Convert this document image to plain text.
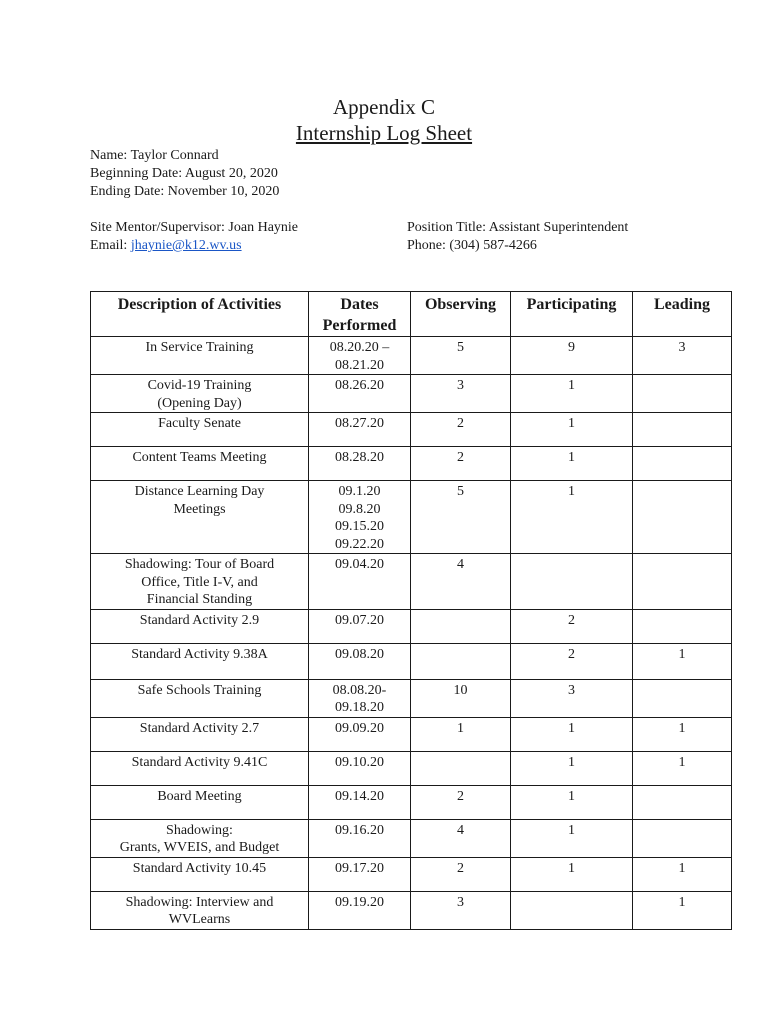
Appendix C
Internship Log Sheet
Name: Taylor Connard
Beginning Date: August 20, 2020
Ending Date: November 10, 2020
Site Mentor/Supervisor: Joan Haynie
Email: jhaynie@k12.wv.us
Position Title: Assistant Superintendent
Phone: (304) 587-4266
Description of Activities	Dates Performed	Observing	Participating	Leading

In Service Training	08.20.20 –
08.21.20	5	9	3

Covid-19 Training
(Opening Day)	08.26.20	3	1	

Faculty Senate	08.27.20	2	1	

Content Teams Meeting	08.28.20	2	1	

Distance Learning Day
Meetings	09.1.20
09.8.20
09.15.20
09.22.20	5	1	

Shadowing: Tour of Board
Office, Title I-V, and
Financial Standing	09.04.20	4		

Standard Activity 2.9	09.07.20		2	

Standard Activity 9.38A	09.08.20		2	1

Safe Schools Training	08.08.20-
09.18.20	10	3	

Standard Activity 2.7	09.09.20	1	1	1

Standard Activity 9.41C	09.10.20		1	1

Board Meeting	09.14.20	2	1	

Shadowing:
Grants, WVEIS, and Budget	09.16.20	4	1	

Standard Activity 10.45	09.17.20	2	1	1

Shadowing: Interview and
WVLearns	09.19.20	3		1
